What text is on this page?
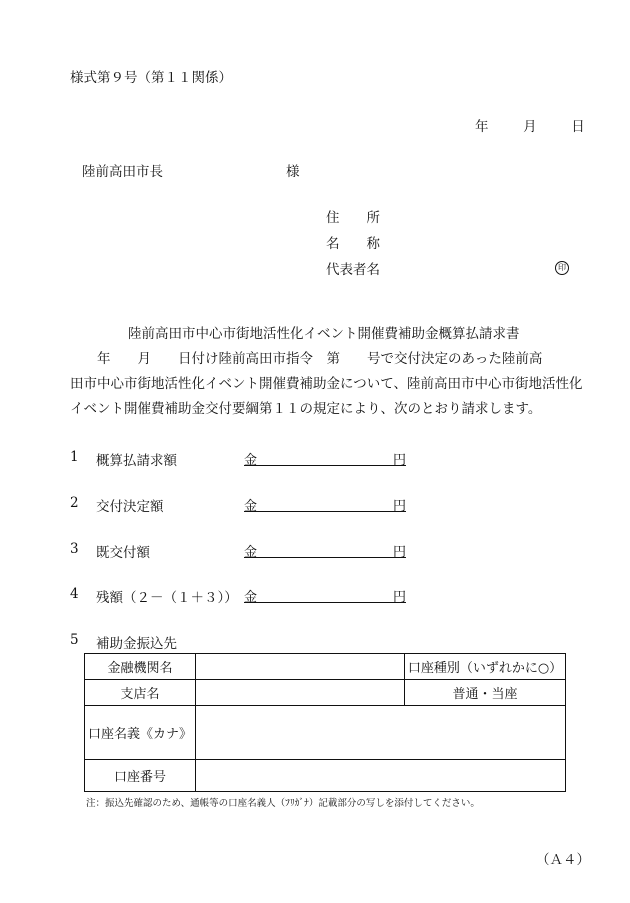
様式第９号（第１１関係）
年	月	日
陸前高田市長	様
住　　所
名　　称
代表者名	印
陸前高田市中心市街地活性化イベント開催費補助金概算払請求書

　　年　　月　　日付け陸前高田市指令　第　　号で交付決定のあった陸前高

田市中心市街地活性化イベント開催費補助金について、陸前高田市中心市街地活性化

イベント開催費補助金交付要綱第１１の規定により、次のとおり請求します。

1 概算払請求額	金	円
2 交付決定額	金	円
3 既交付額	金	円
4 残額（２－（１＋３）） 金	円
5 補助金振込先
金融機関名		口座種別（いずれかに○）
支店名		普通・当座
口座名義《カナ》		
口座番号		
注：振込先確認のため、通帳等の口座名義人（ﾌﾘｶﾞﾅ）記載部分の写しを添付してください。
（Ａ４）
